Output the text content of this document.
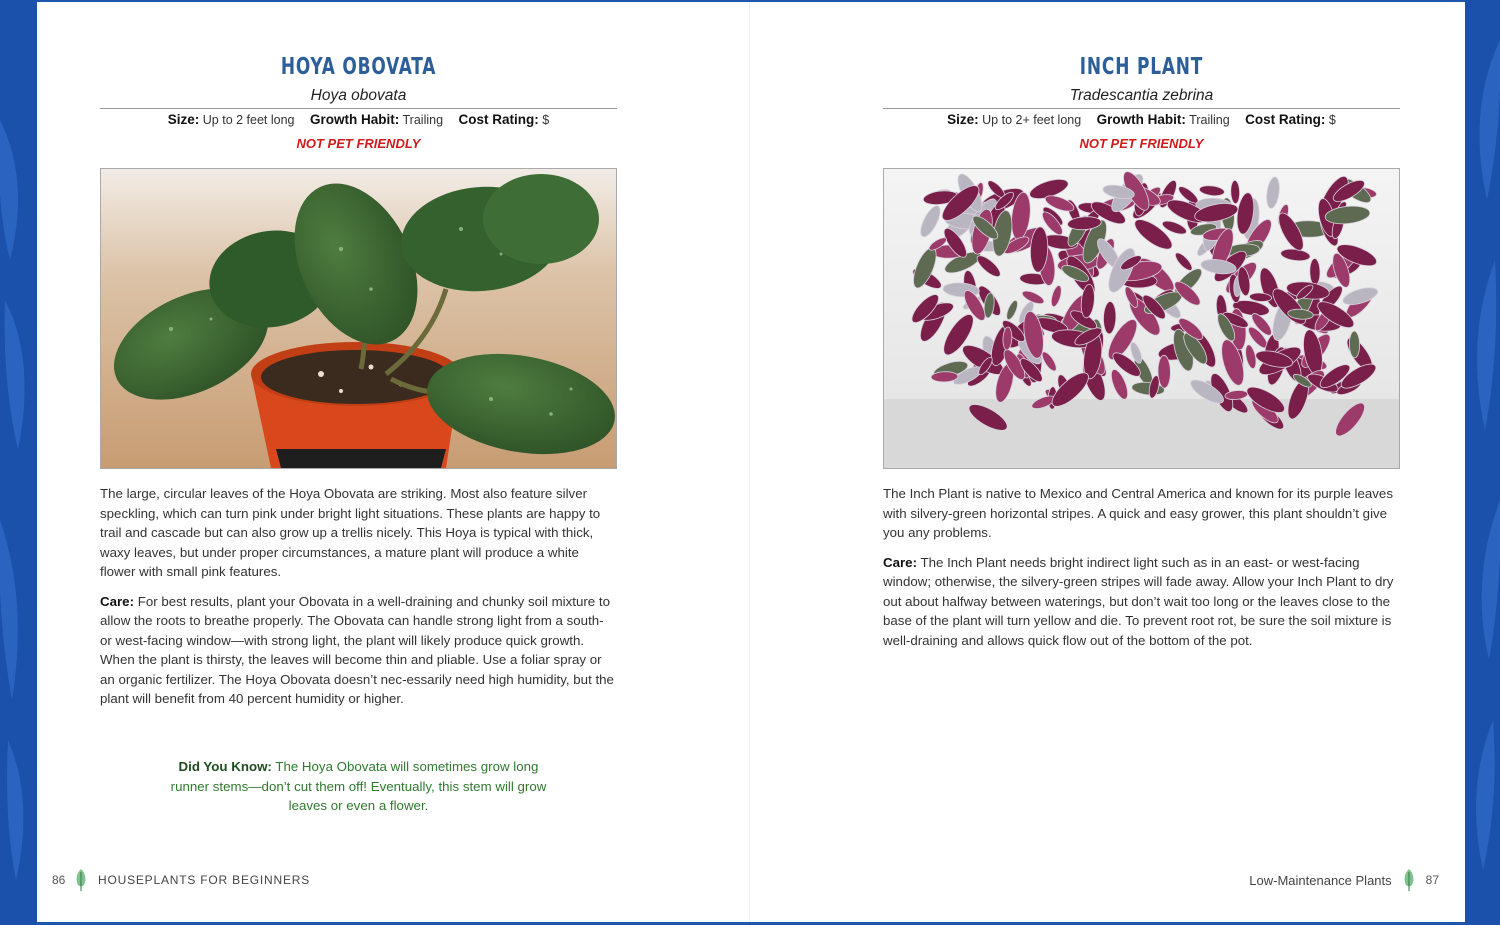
HOYA OBOVATA
Hoya obovata
Size: Up to 2 feet long Growth Habit: Trailing Cost Rating: $
NOT PET FRIENDLY

The large, circular leaves of the Hoya Obovata are striking. Most also feature silver speckling, which can turn pink under bright light situations. These plants are happy to trail and cascade but can also grow up a trellis nicely. This Hoya is typical with thick, waxy leaves, but under proper circumstances, a mature plant will produce a white flower with small pink features.

Care: For best results, plant your Obovata in a well-draining and chunky soil mixture to allow the roots to breathe properly. The Obovata can handle strong light from a south- or west-facing window—with strong light, the plant will likely produce quick growth. When the plant is thirsty, the leaves will become thin and pliable. Use a foliar spray or an organic fertilizer. The Hoya Obovata doesn’t nec-essarily need high humidity, but the plant will benefit from 40 percent humidity or higher.

Did You Know: The Hoya Obovata will sometimes grow long runner stems—don’t cut them off! Eventually, this stem will grow leaves or even a flower.
86	HOUSEPLANTS FOR BEGINNERS
INCH PLANT
Tradescantia zebrina
Size: Up to 2+ feet long Growth Habit: Trailing Cost Rating: $
NOT PET FRIENDLY

The Inch Plant is native to Mexico and Central America and known for its purple leaves with silvery-green horizontal stripes. A quick and easy grower, this plant shouldn’t give you any problems.

Care: The Inch Plant needs bright indirect light such as in an east- or west-facing window; otherwise, the silvery-green stripes will fade away. Allow your Inch Plant to dry out about halfway between waterings, but don’t wait too long or the leaves close to the base of the plant will turn yellow and die. To prevent root rot, be sure the soil mixture is well-draining and allows quick flow out of the bottom of the pot.

Low-Maintenance Plants	87
